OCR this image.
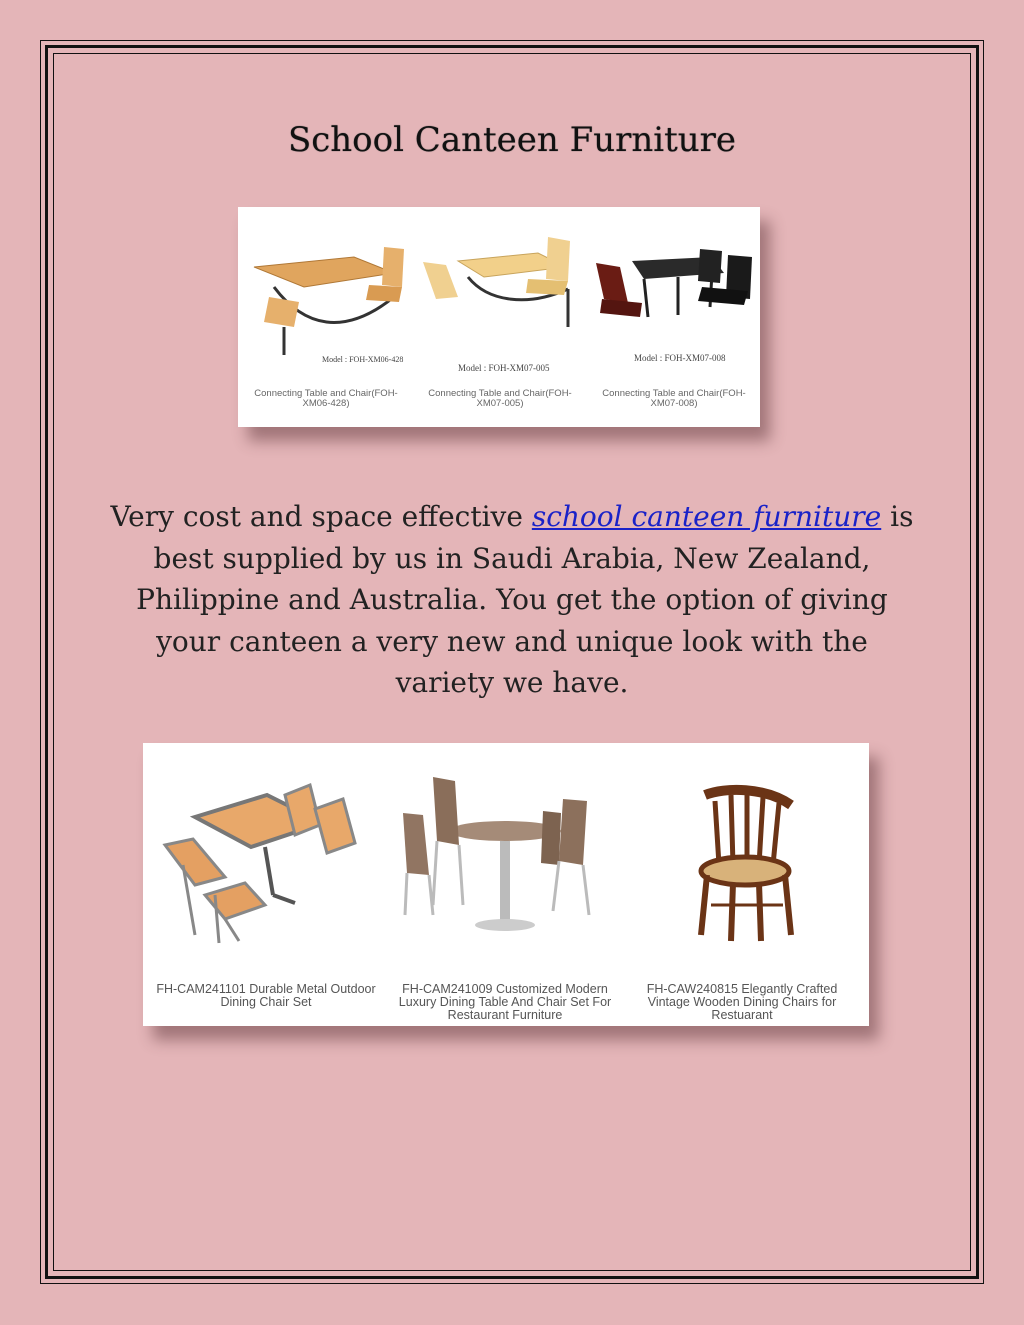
School Canteen Furniture
Model : FOH-XM06-428
Connecting Table and Chair(FOH-XM06-428)
Model : FOH-XM07-005
Connecting Table and Chair(FOH-XM07-005)
Model : FOH-XM07-008
Connecting Table and Chair(FOH-XM07-008)
Very cost and space effective school canteen furniture is best supplied by us in Saudi Arabia, New Zealand, Philippine and Australia. You get the option of giving your canteen a very new and unique look with the variety we have.
FH-CAM241101 Durable Metal Outdoor Dining Chair Set
FH-CAM241009 Customized Modern Luxury Dining Table And Chair Set For Restaurant Furniture
FH-CAW240815 Elegantly Crafted Vintage Wooden Dining Chairs for Restuarant
